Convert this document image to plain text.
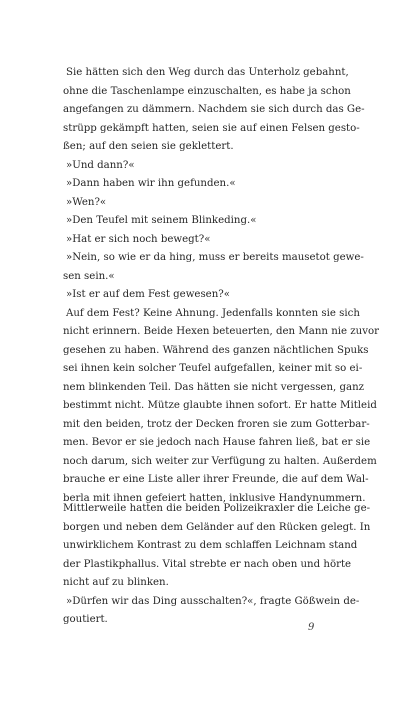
Sie hätten sich den Weg durch das Unterholz gebahnt,
ohne die Taschenlampe einzuschalten, es habe ja schon
angefangen zu dämmern. Nachdem sie sich durch das Ge-
strüpp gekämpft hatten, seien sie auf einen Felsen gesto-
ßen; auf den seien sie geklettert.
»Und dann?«
»Dann haben wir ihn gefunden.«
»Wen?«
»Den Teufel mit seinem Blinkeding.«
»Hat er sich noch bewegt?«
»Nein, so wie er da hing, muss er bereits mausetot gewe-
sen sein.«
»Ist er auf dem Fest gewesen?«
Auf dem Fest? Keine Ahnung. Jedenfalls konnten sie sich
nicht erinnern. Beide Hexen beteuerten, den Mann nie zuvor
gesehen zu haben. Während des ganzen nächtlichen Spuks
sei ihnen kein solcher Teufel aufgefallen, keiner mit so ei-
nem blinkenden Teil. Das hätten sie nicht vergessen, ganz
bestimmt nicht. Mütze glaubte ihnen sofort. Er hatte Mitleid
mit den beiden, trotz der Decken froren sie zum Gotterbar-
men. Bevor er sie jedoch nach Hause fahren ließ, bat er sie
noch darum, sich weiter zur Verfügung zu halten. Außerdem
brauche er eine Liste aller ihrer Freunde, die auf dem Wal-
berla mit ihnen gefeiert hatten, inklusive Handynummern.
Mittlerweile hatten die beiden Polizeikraxler die Leiche ge-
borgen und neben dem Geländer auf den Rücken gelegt. In
unwirklichem Kontrast zu dem schlaffen Leichnam stand
der Plastikphallus. Vital strebte er nach oben und hörte
nicht auf zu blinken.
»Dürfen wir das Ding ausschalten?«, fragte Gößwein de-
goutiert.
9
